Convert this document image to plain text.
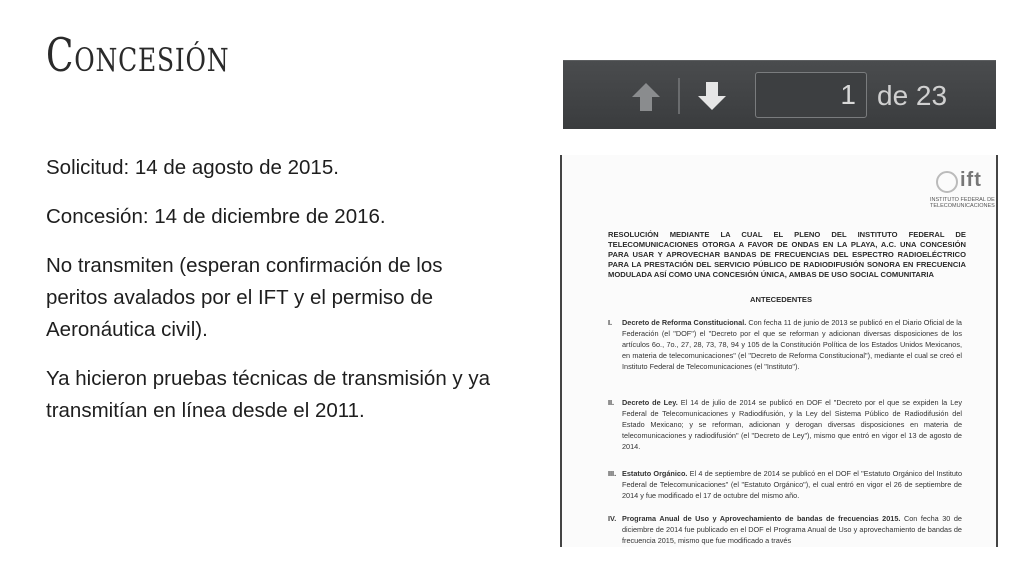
Concesión

Solicitud: 14 de agosto de 2015.

Concesión: 14 de diciembre de 2016.

No transmiten (esperan confirmación de los peritos avalados por el IFT y el permiso de Aeronáutica civil).

Ya hicieron pruebas técnicas de transmisión y ya transmitían en línea desde el 2011.

1 de 23
ift
INSTITUTO FEDERAL DE
TELECOMUNICACIONES
RESOLUCIÓN MEDIANTE LA CUAL EL PLENO DEL INSTITUTO FEDERAL DE TELECOMUNICACIONES OTORGA A FAVOR DE ONDAS EN LA PLAYA, A.C. UNA CONCESIÓN PARA USAR Y APROVECHAR BANDAS DE FRECUENCIAS DEL ESPECTRO RADIOELÉCTRICO PARA LA PRESTACIÓN DEL SERVICIO PÚBLICO DE RADIODIFUSIÓN SONORA EN FRECUENCIA MODULADA ASÍ COMO UNA CONCESIÓN ÚNICA, AMBAS DE USO SOCIAL COMUNITARIA
ANTECEDENTES
I. Decreto de Reforma Constitucional. Con fecha 11 de junio de 2013 se publicó en el Diario Oficial de la Federación (el "DOF") el "Decreto por el que se reforman y adicionan diversas disposiciones de los artículos 6o., 7o., 27, 28, 73, 78, 94 y 105 de la Constitución Política de los Estados Unidos Mexicanos, en materia de telecomunicaciones" (el "Decreto de Reforma Constitucional"), mediante el cual se creó el Instituto Federal de Telecomunicaciones (el "Instituto").
II. Decreto de Ley. El 14 de julio de 2014 se publicó en DOF el "Decreto por el que se expiden la Ley Federal de Telecomunicaciones y Radiodifusión, y la Ley del Sistema Público de Radiodifusión del Estado Mexicano; y se reforman, adicionan y derogan diversas disposiciones en materia de telecomunicaciones y radiodifusión" (el "Decreto de Ley"), mismo que entró en vigor el 13 de agosto de 2014.
III. Estatuto Orgánico. El 4 de septiembre de 2014 se publicó en el DOF el "Estatuto Orgánico del Instituto Federal de Telecomunicaciones" (el "Estatuto Orgánico"), el cual entró en vigor el 26 de septiembre de 2014 y fue modificado el 17 de octubre del mismo año.
IV. Programa Anual de Uso y Aprovechamiento de bandas de frecuencias 2015. Con fecha 30 de diciembre de 2014 fue publicado en el DOF el Programa Anual de Uso y aprovechamiento de bandas de frecuencia 2015, mismo que fue modificado a través
